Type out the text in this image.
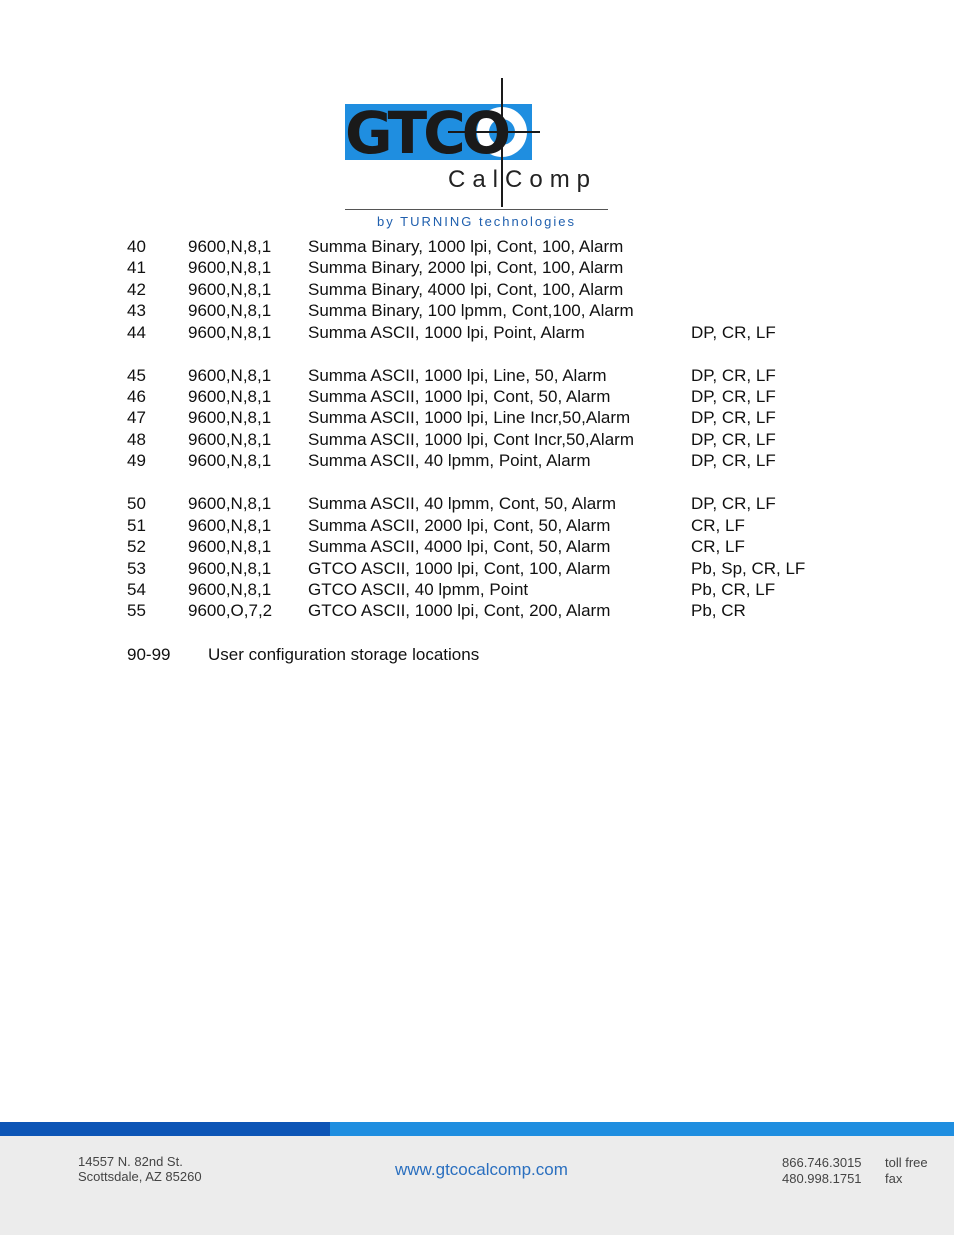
GTCO
CalComp
by TURNING technologies
40 9600,N,8,1 Summa Binary, 1000 lpi, Cont, 100, Alarm
41 9600,N,8,1 Summa Binary, 2000 lpi, Cont, 100, Alarm
42 9600,N,8,1 Summa Binary, 4000 lpi, Cont, 100, Alarm
43 9600,N,8,1 Summa Binary, 100 lpmm, Cont,100, Alarm
44 9600,N,8,1 Summa ASCII, 1000 lpi, Point, Alarm	DP, CR, LF
45 9600,N,8,1 Summa ASCII, 1000 lpi, Line, 50, Alarm	DP, CR, LF
46 9600,N,8,1 Summa ASCII, 1000 lpi, Cont, 50, Alarm	DP, CR, LF
47 9600,N,8,1 Summa ASCII, 1000 lpi, Line Incr,50,Alarm	DP, CR, LF
48 9600,N,8,1 Summa ASCII, 1000 lpi, Cont Incr,50,Alarm	DP, CR, LF
49 9600,N,8,1 Summa ASCII, 40 lpmm, Point, Alarm	DP, CR, LF
50 9600,N,8,1 Summa ASCII, 40 lpmm, Cont, 50, Alarm	DP, CR, LF
51 9600,N,8,1 Summa ASCII, 2000 lpi, Cont, 50, Alarm	CR, LF
52 9600,N,8,1 Summa ASCII, 4000 lpi, Cont, 50, Alarm	CR, LF
53 9600,N,8,1 GTCO ASCII, 1000 lpi, Cont, 100, Alarm	Pb, Sp, CR, LF
54 9600,N,8,1 GTCO ASCII, 40 lpmm, Point	Pb, CR, LF
55 9600,O,7,2 GTCO ASCII, 1000 lpi, Cont, 200, Alarm	Pb, CR
90-99 User configuration storage locations
14557 N. 82nd St.
Scottsdale, AZ 85260	www.gtcocalcomp.com	866.746.3015 toll free
480.998.1751 fax
